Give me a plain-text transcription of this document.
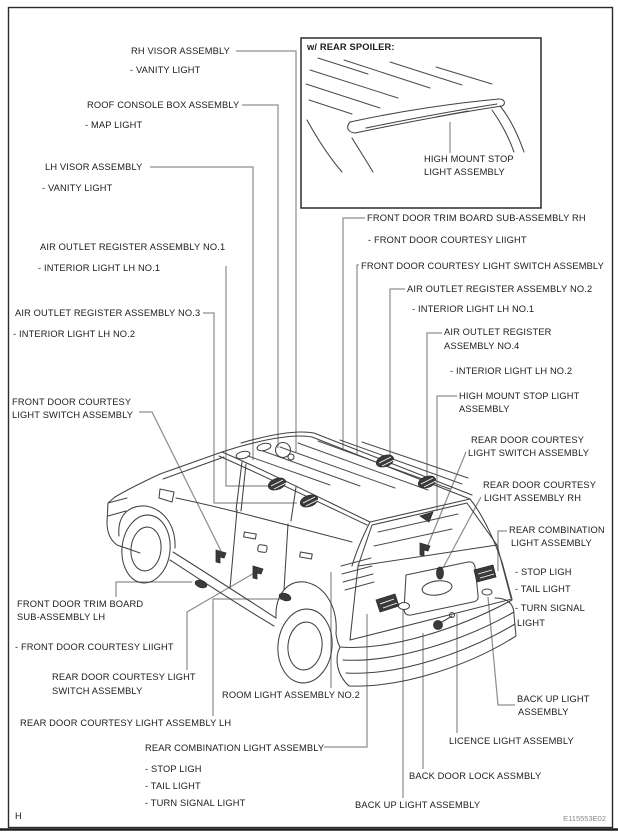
RH VISOR ASSEMBLY
- VANITY LIGHT
ROOF CONSOLE BOX ASSEMBLY
- MAP LIGHT
LH VISOR ASSEMBLY
- VANITY LIGHT
AIR OUTLET REGISTER ASSEMBLY NO.1
- INTERIOR LIGHT LH NO.1
AIR OUTLET REGISTER ASSEMBLY NO.3
- INTERIOR LIGHT LH NO.2
FRONT DOOR COURTESY
LIGHT SWITCH ASSEMBLY
w/ REAR SPOILER:
HIGH MOUNT STOP
LIGHT ASSEMBLY
FRONT DOOR TRIM BOARD SUB-ASSEMBLY RH
- FRONT DOOR COURTESY LIIGHT
FRONT DOOR COURTESY LIGHT SWITCH ASSEMBLY
AIR OUTLET REGISTER ASSEMBLY NO.2
- INTERIOR LIGHT LH NO.1
AIR OUTLET REGISTER
ASSEMBLY NO.4
- INTERIOR LIGHT LH NO.2
HIGH MOUNT STOP LIGHT
ASSEMBLY
REAR DOOR COURTESY
LIGHT SWITCH ASSEMBLY
REAR DOOR COURTESY
LIGHT ASSEMBLY RH
REAR COMBINATION
LIGHT ASSEMBLY
- STOP LIGH
- TAIL LIGHT
- TURN SIGNAL
LIGHT
BACK UP LIGHT
ASSEMBLY
LICENCE LIGHT ASSEMBLY
BACK DOOR LOCK ASSMBLY
BACK UP LIGHT ASSEMBLY
FRONT DOOR TRIM BOARD
SUB-ASSEMBLY LH
- FRONT DOOR COURTESY LIIGHT
REAR DOOR COURTESY LIGHT
SWITCH ASSEMBLY
REAR DOOR COURTESY LIGHT ASSEMBLY LH
ROOM LIGHT ASSEMBLY NO.2
REAR COMBINATION LIGHT ASSEMBLY
- STOP LIGH
- TAIL LIGHT
- TURN SIGNAL LIGHT
H	E115553E02
